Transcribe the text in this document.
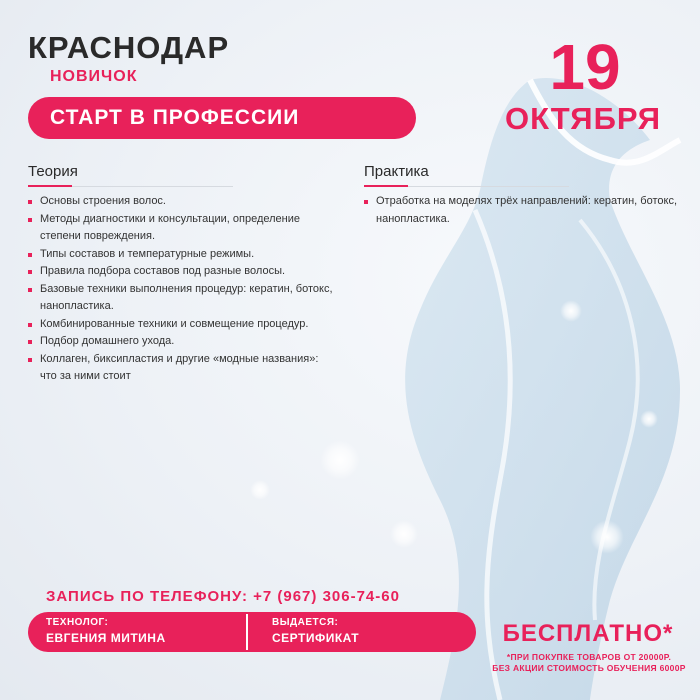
КРАСНОДАР
НОВИЧОК
СТАРТ В ПРОФЕССИИ
19
ОКТЯБРЯ
Теория
Основы строения волос.
Методы диагностики и консультации, определение степени повреждения.
Типы составов и температурные режимы.
Правила подбора составов под разные волосы.
Базовые техники выполнения процедур: кератин, ботокс, нанопластика.
Комбинированные техники и совмещение процедур.
Подбор домашнего ухода.
Коллаген, биксипластия и другие «модные названия»: что за ними стоит
Практика
Отработка на моделях трёх направлений: кератин, ботокс, нанопластика.
ЗАПИСЬ ПО ТЕЛЕФОНУ: +7 (967) 306-74-60
ТЕХНОЛОГ:
ЕВГЕНИЯ МИТИНА
ВЫДАЕТСЯ:
СЕРТИФИКАТ	БЕСПЛАТНО*
*ПРИ ПОКУПКЕ ТОВАРОВ ОТ 20000Р.
БЕЗ АКЦИИ СТОИМОСТЬ ОБУЧЕНИЯ 6000Р
